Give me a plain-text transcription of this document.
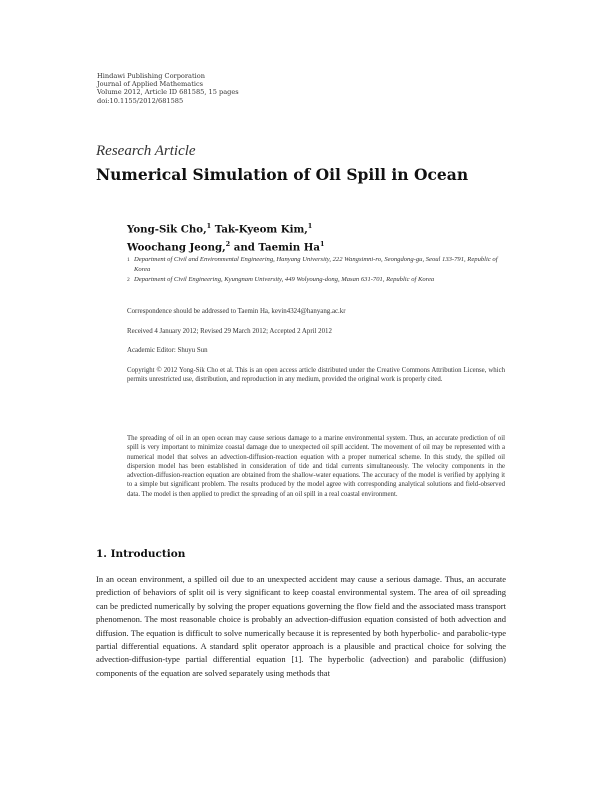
Hindawi Publishing Corporation
Journal of Applied Mathematics
Volume 2012, Article ID 681585, 15 pages
doi:10.1155/2012/681585
Research Article
Numerical Simulation of Oil Spill in Ocean
Yong-Sik Cho,$^1$ Tak-Kyeom Kim,$^1$
Woochang Jeong,$^2$ and Taemin Ha$^1$
1 Department of Civil and Environmental Engineering, Hanyang University, 222 Wangsimni-ro, Seongdong-gu, Seoul 133-791, Republic of Korea
2 Department of Civil Engineering, Kyungnam University, 449 Wolyoung-dong, Masan 631-701, Republic of Korea
Correspondence should be addressed to Taemin Ha, kevin4324@hanyang.ac.kr
Received 4 January 2012; Revised 29 March 2012; Accepted 2 April 2012
Academic Editor: Shuyu Sun
Copyright © 2012 Yong-Sik Cho et al. This is an open access article distributed under the Creative Commons Attribution License, which permits unrestricted use, distribution, and reproduction in any medium, provided the original work is properly cited.
The spreading of oil in an open ocean may cause serious damage to a marine environmental system. Thus, an accurate prediction of oil spill is very important to minimize coastal damage due to unexpected oil spill accident. The movement of oil may be represented with a numerical model that solves an advection-diffusion-reaction equation with a proper numerical scheme. In this study, the spilled oil dispersion model has been established in consideration of tide and tidal currents simultaneously. The velocity components in the advection-diffusion-reaction equation are obtained from the shallow-water equations. The accuracy of the model is verified by applying it to a simple but significant problem. The results produced by the model agree with corresponding analytical solutions and field-observed data. The model is then applied to predict the spreading of an oil spill in a real coastal environment.
1. Introduction
In an ocean environment, a spilled oil due to an unexpected accident may cause a serious damage. Thus, an accurate prediction of behaviors of split oil is very significant to keep coastal environmental system. The area of oil spreading can be predicted numerically by solving the proper equations governing the flow field and the associated mass transport phenomenon. The most reasonable choice is probably an advection-diffusion equation consisted of both advection and diffusion. The equation is difficult to solve numerically because it is represented by both hyperbolic- and parabolic-type partial differential equations. A standard split operator approach is a plausible and practical choice for solving the advection-diffusion-type partial differential equation [1]. The hyperbolic (advection) and parabolic (diffusion) components of the equation are solved separately using methods that
